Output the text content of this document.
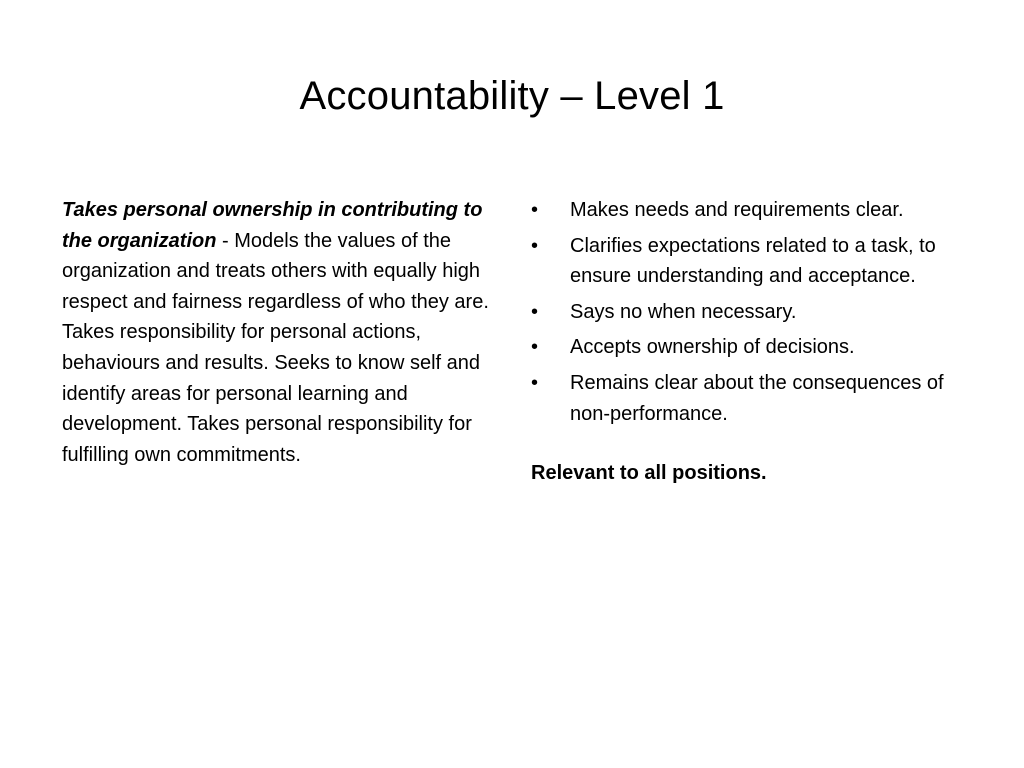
Accountability – Level 1

Takes personal ownership in contributing to the organization - Models the values of the organization and treats others with equally high respect and fairness regardless of who they are. Takes responsibility for personal actions, behaviours and results. Seeks to know self and identify areas for personal learning and development. Takes personal responsibility for fulfilling own commitments.

•	Makes needs and requirements clear.
•	Clarifies expectations related to a task, to ensure understanding and acceptance.
•	Says no when necessary.
•	Accepts ownership of decisions.
•	Remains clear about the consequences of non-performance.

Relevant to all positions.
